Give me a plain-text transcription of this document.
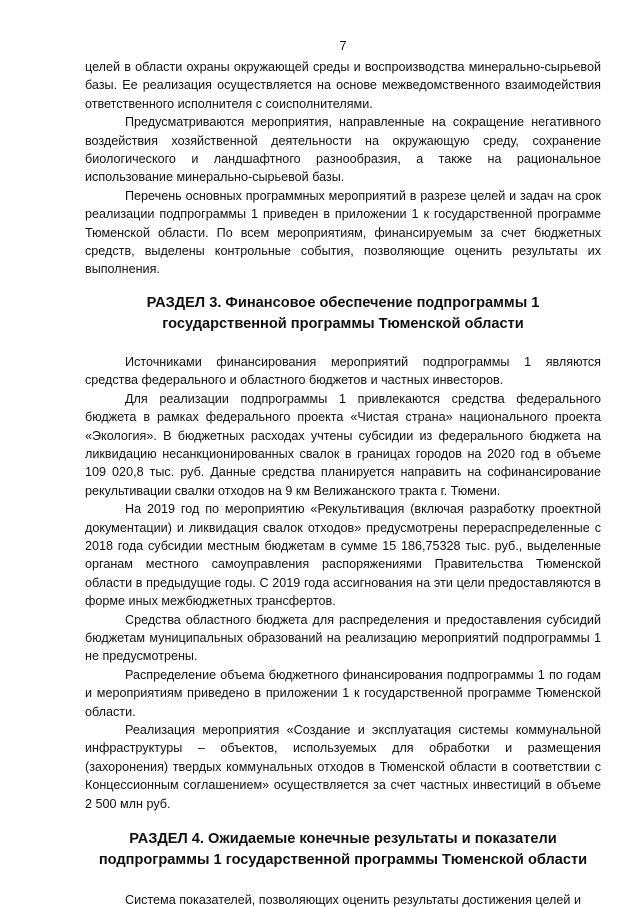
7

целей в области охраны окружающей среды и воспроизводства минерально-сырьевой базы. Ее реализация осуществляется на основе межведомственного взаимодействия ответственного исполнителя с соисполнителями.

Предусматриваются мероприятия, направленные на сокращение негативного воздействия хозяйственной деятельности на окружающую среду, сохранение биологического и ландшафтного разнообразия, а также на рациональное использование минерально-сырьевой базы.

Перечень основных программных мероприятий в разрезе целей и задач на срок реализации подпрограммы 1 приведен в приложении 1 к государственной программе Тюменской области. По всем мероприятиям, финансируемым за счет бюджетных средств, выделены контрольные события, позволяющие оценить результаты их выполнения.

РАЗДЕЛ 3. Финансовое обеспечение подпрограммы 1
государственной программы Тюменской области

Источниками финансирования мероприятий подпрограммы 1 являются средства федерального и областного бюджетов и частных инвесторов.

Для реализации подпрограммы 1 привлекаются средства федерального бюджета в рамках федерального проекта «Чистая страна» национального проекта «Экология». В бюджетных расходах учтены субсидии из федерального бюджета на ликвидацию несанкционированных свалок в границах городов на 2020 год в объеме 109 020,8 тыс. руб. Данные средства планируется направить на софинансирование рекультивации свалки отходов на 9 км Велижанского тракта г. Тюмени.

На 2019 год по мероприятию «Рекультивация (включая разработку проектной документации) и ликвидация свалок отходов» предусмотрены перераспределенные с 2018 года субсидии местным бюджетам в сумме 15 186,75328 тыс. руб., выделенные органам местного самоуправления распоряжениями Правительства Тюменской области в предыдущие годы. С 2019 года ассигнования на эти цели предоставляются в форме иных межбюджетных трансфертов.

Средства областного бюджета для распределения и предоставления субсидий бюджетам муниципальных образований на реализацию мероприятий подпрограммы 1 не предусмотрены.

Распределение объема бюджетного финансирования подпрограммы 1 по годам и мероприятиям приведено в приложении 1 к государственной программе Тюменской области.

Реализация мероприятия «Создание и эксплуатация системы коммунальной инфраструктуры – объектов, используемых для обработки и размещения (захоронения) твердых коммунальных отходов в Тюменской области в соответствии с Концессионным соглашением» осуществляется за счет частных инвестиций в объеме 2 500 млн руб.

РАЗДЕЛ 4. Ожидаемые конечные результаты и показатели
подпрограммы 1 государственной программы Тюменской области

Система показателей, позволяющих оценить результаты достижения целей и
